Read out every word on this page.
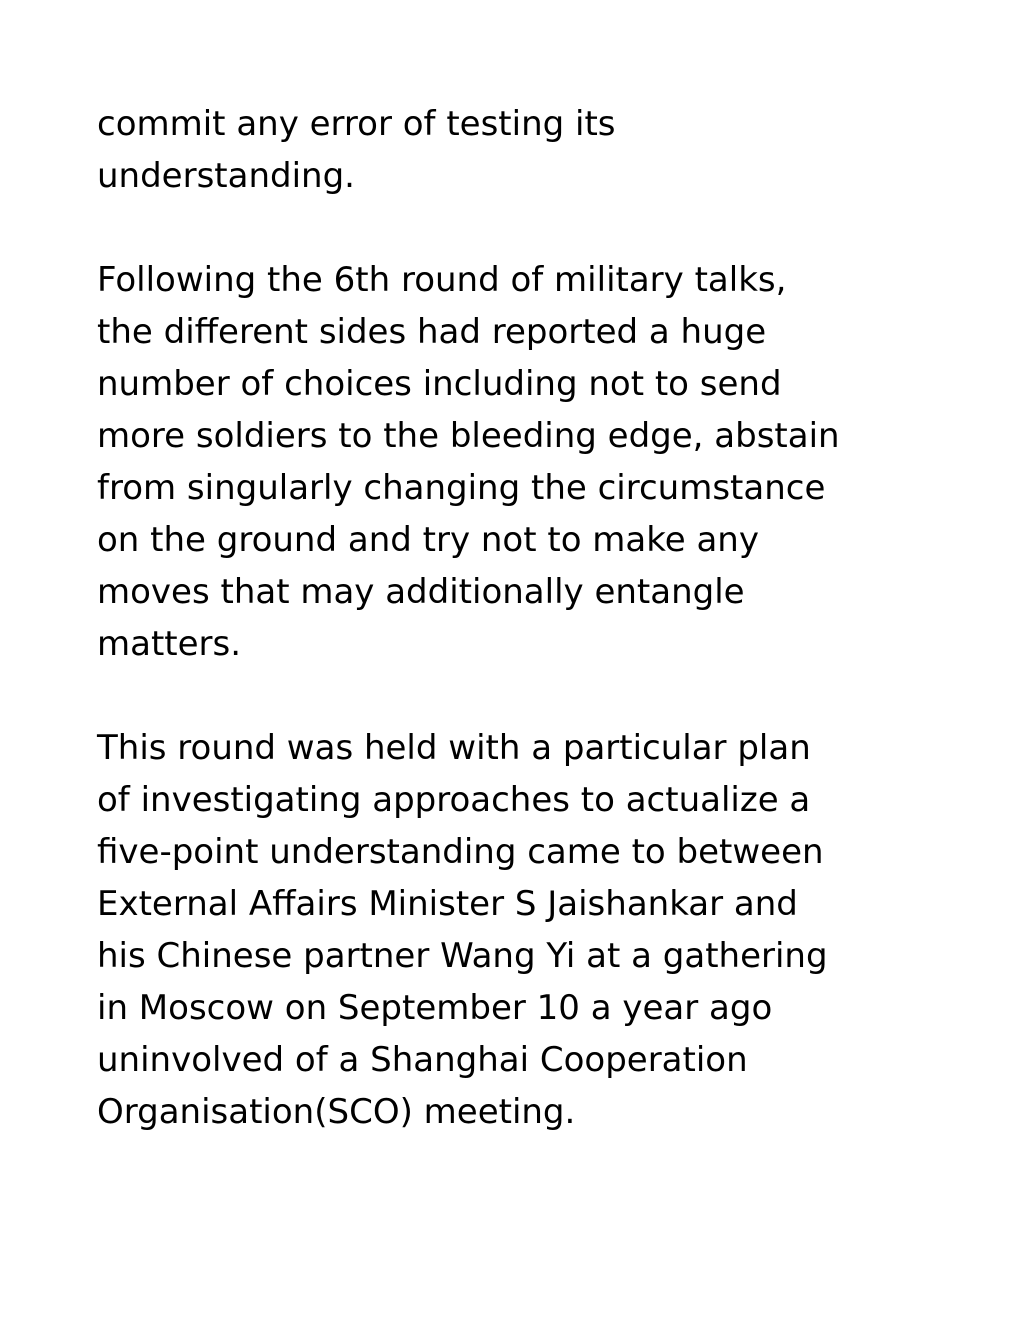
commit any error of testing its
understanding.

Following the 6th round of military talks,
the different sides had reported a huge
number of choices including not to send
more soldiers to the bleeding edge, abstain
from singularly changing the circumstance
on the ground and try not to make any
moves that may additionally entangle
matters.

This round was held with a particular plan
of investigating approaches to actualize a
five-point understanding came to between
External Affairs Minister S Jaishankar and
his Chinese partner Wang Yi at a gathering
in Moscow on September 10 a year ago
uninvolved of a Shanghai Cooperation
Organisation(SCO) meeting.
